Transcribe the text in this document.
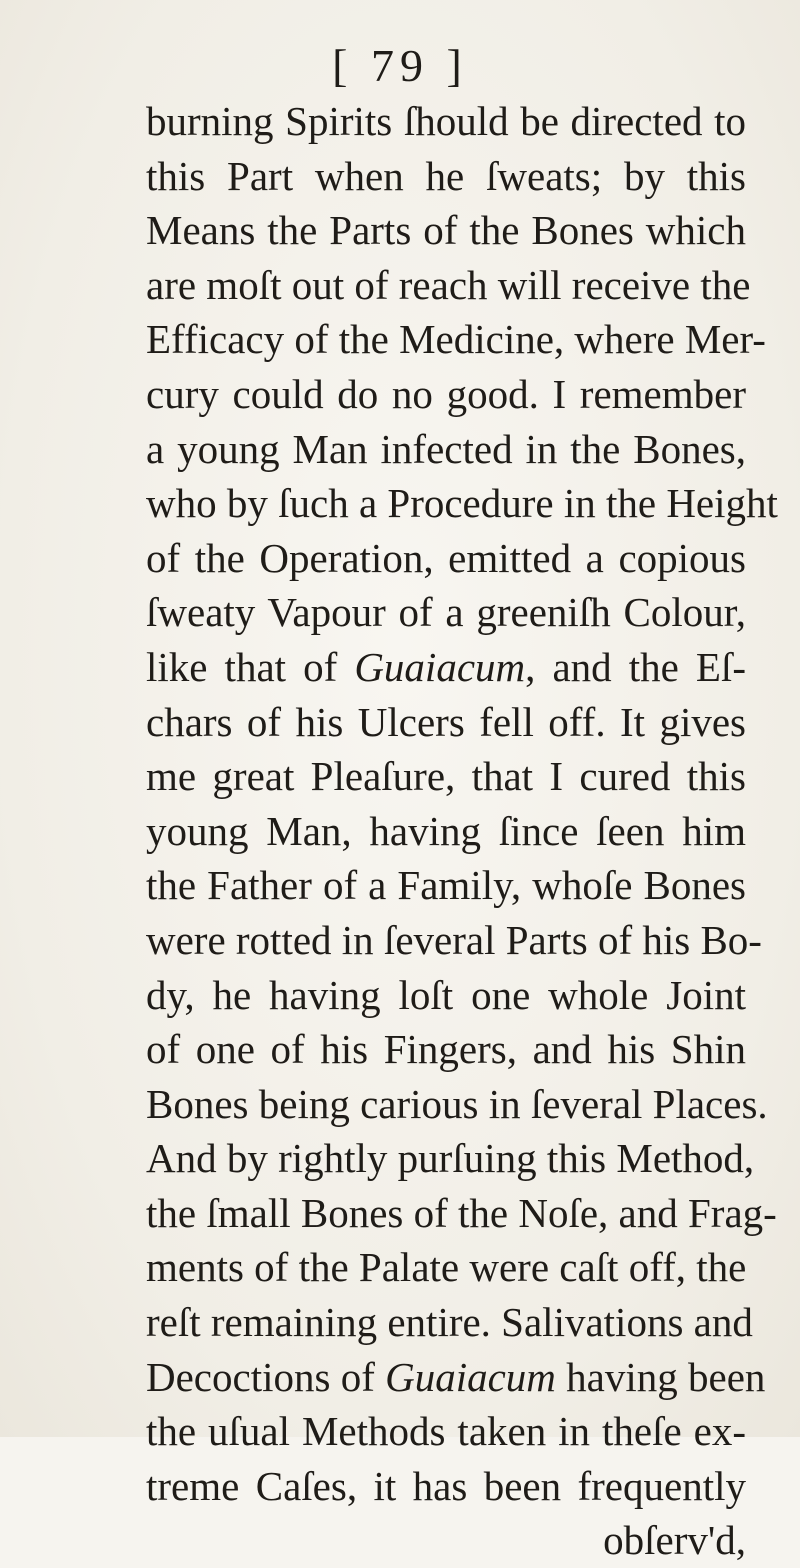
[ 79 ]
burning Spirits ſhould be directed to
this Part when he ſweats; by this
Means the Parts of the Bones which
are moſt out of reach will receive the
Efficacy of the Medicine, where Mer-
cury could do no good. I remember
a young Man infected in the Bones,
who by ſuch a Procedure in the Height
of the Operation, emitted a copious
ſweaty Vapour of a greeniſh Colour,
like that of Guaiacum, and the Eſ-
chars of his Ulcers fell off. It gives
me great Pleaſure, that I cured this
young Man, having ſince ſeen him
the Father of a Family, whoſe Bones
were rotted in ſeveral Parts of his Bo-
dy, he having loſt one whole Joint
of one of his Fingers, and his Shin
Bones being carious in ſeveral Places.
And by rightly purſuing this Method,
the ſmall Bones of the Noſe, and Frag-
ments of the Palate were caſt off, the
reſt remaining entire. Salivations and
Decoctions of Guaiacum having been
the uſual Methods taken in theſe ex-
treme Caſes, it has been frequently
obſerv'd,
